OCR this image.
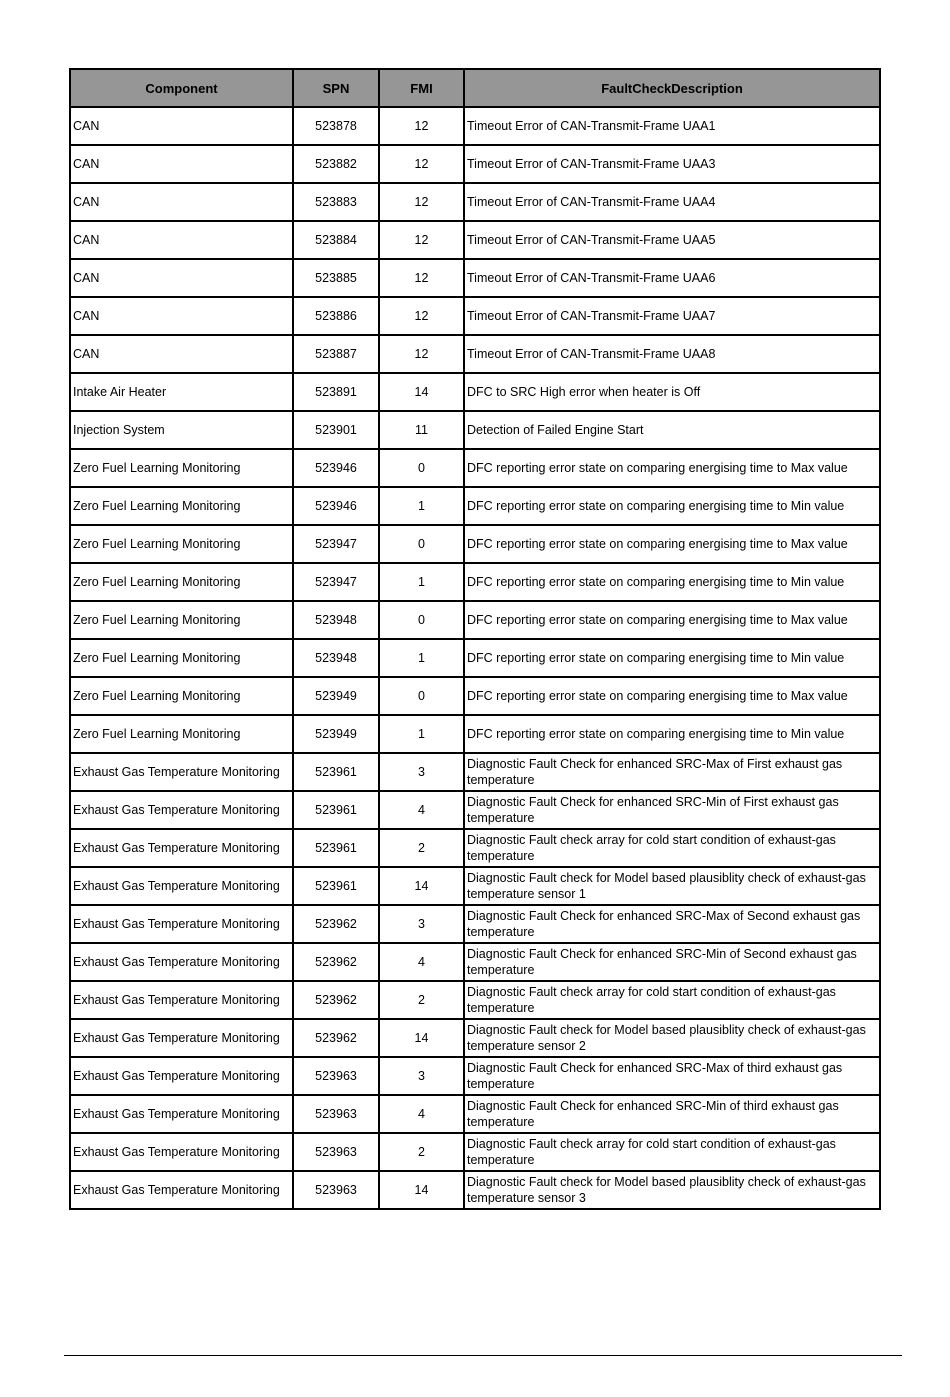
Component	SPN	FMI	FaultCheckDescription
CAN	523878	12	Timeout Error of CAN-Transmit-Frame UAA1
CAN	523882	12	Timeout Error of CAN-Transmit-Frame UAA3
CAN	523883	12	Timeout Error of CAN-Transmit-Frame UAA4
CAN	523884	12	Timeout Error of CAN-Transmit-Frame UAA5
CAN	523885	12	Timeout Error of CAN-Transmit-Frame UAA6
CAN	523886	12	Timeout Error of CAN-Transmit-Frame UAA7
CAN	523887	12	Timeout Error of CAN-Transmit-Frame UAA8
Intake Air Heater	523891	14	DFC to SRC High error when heater is Off
Injection System	523901	11	Detection of Failed Engine Start
Zero Fuel Learning Monitoring	523946	0	DFC reporting error state on comparing energising time to Max value
Zero Fuel Learning Monitoring	523946	1	DFC reporting error state on comparing energising time to Min value
Zero Fuel Learning Monitoring	523947	0	DFC reporting error state on comparing energising time to Max value
Zero Fuel Learning Monitoring	523947	1	DFC reporting error state on comparing energising time to Min value
Zero Fuel Learning Monitoring	523948	0	DFC reporting error state on comparing energising time to Max value
Zero Fuel Learning Monitoring	523948	1	DFC reporting error state on comparing energising time to Min value
Zero Fuel Learning Monitoring	523949	0	DFC reporting error state on comparing energising time to Max value
Zero Fuel Learning Monitoring	523949	1	DFC reporting error state on comparing energising time to Min value
Exhaust Gas Temperature Monitoring	523961	3	Diagnostic Fault Check for enhanced SRC-Max of First exhaust gas temperature
Exhaust Gas Temperature Monitoring	523961	4	Diagnostic Fault Check for enhanced SRC-Min of First exhaust gas temperature
Exhaust Gas Temperature Monitoring	523961	2	Diagnostic Fault check array for cold start condition of exhaust-gas temperature
Exhaust Gas Temperature Monitoring	523961	14	Diagnostic Fault check for Model based plausiblity check of exhaust-gas temperature sensor 1
Exhaust Gas Temperature Monitoring	523962	3	Diagnostic Fault Check for enhanced SRC-Max of Second exhaust gas temperature
Exhaust Gas Temperature Monitoring	523962	4	Diagnostic Fault Check for enhanced SRC-Min of Second exhaust gas temperature
Exhaust Gas Temperature Monitoring	523962	2	Diagnostic Fault check array for cold start condition of exhaust-gas temperature
Exhaust Gas Temperature Monitoring	523962	14	Diagnostic Fault check for Model based plausiblity check of exhaust-gas temperature sensor 2
Exhaust Gas Temperature Monitoring	523963	3	Diagnostic Fault Check for enhanced SRC-Max of third exhaust gas temperature
Exhaust Gas Temperature Monitoring	523963	4	Diagnostic Fault Check for enhanced SRC-Min of third exhaust gas temperature
Exhaust Gas Temperature Monitoring	523963	2	Diagnostic Fault check array for cold start condition of exhaust-gas temperature
Exhaust Gas Temperature Monitoring	523963	14	Diagnostic Fault check for Model based plausiblity check of exhaust-gas temperature sensor 3
